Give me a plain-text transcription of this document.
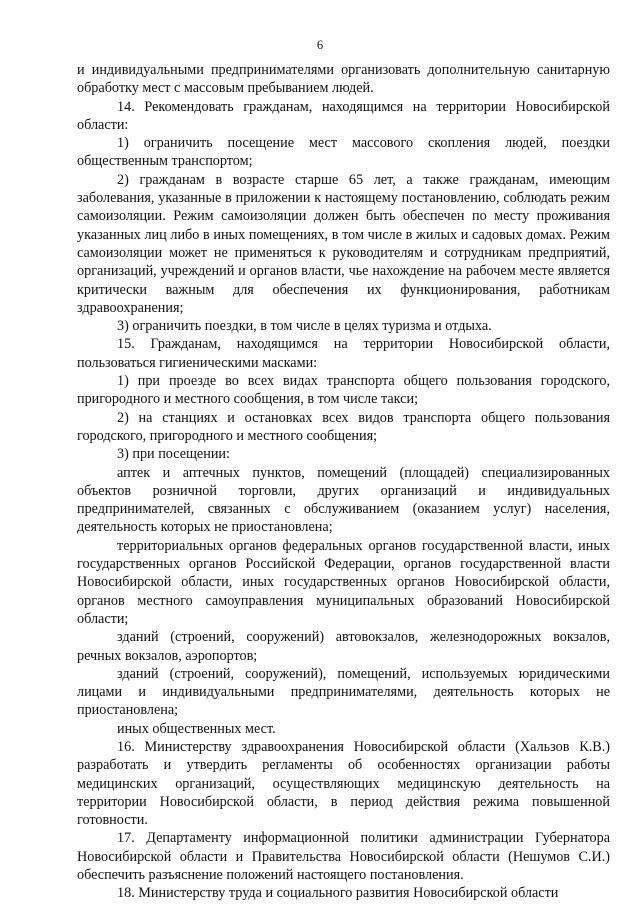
6

и индивидуальными предпринимателями организовать дополнительную санитарную обработку мест с массовым пребыванием людей.

14. Рекомендовать гражданам, находящимся на территории Новосибирской области:

1) ограничить посещение мест массового скопления людей, поездки общественным транспортом;

2) гражданам в возрасте старше 65 лет, а также гражданам, имеющим заболевания, указанные в приложении к настоящему постановлению, соблюдать режим самоизоляции. Режим самоизоляции должен быть обеспечен по месту проживания указанных лиц либо в иных помещениях, в том числе в жилых и садовых домах. Режим самоизоляции может не применяться к руководителям и сотрудникам предприятий, организаций, учреждений и органов власти, чье нахождение на рабочем месте является критически важным для обеспечения их функционирования, работникам здравоохранения;

3) ограничить поездки, в том числе в целях туризма и отдыха.

15. Гражданам, находящимся на территории Новосибирской области, пользоваться гигиеническими масками:

1) при проезде во всех видах транспорта общего пользования городского, пригородного и местного сообщения, в том числе такси;

2) на станциях и остановках всех видов транспорта общего пользования городского, пригородного и местного сообщения;

3) при посещении:

аптек и аптечных пунктов, помещений (площадей) специализированных объектов розничной торговли, других организаций и индивидуальных предпринимателей, связанных с обслуживанием (оказанием услуг) населения, деятельность которых не приостановлена;

территориальных органов федеральных органов государственной власти, иных государственных органов Российской Федерации, органов государственной власти Новосибирской области, иных государственных органов Новосибирской области, органов местного самоуправления муниципальных образований Новосибирской области;

зданий (строений, сооружений) автовокзалов, железнодорожных вокзалов, речных вокзалов, аэропортов;

зданий (строений, сооружений), помещений, используемых юридическими лицами и индивидуальными предпринимателями, деятельность которых не приостановлена;

иных общественных мест.

16. Министерству здравоохранения Новосибирской области (Хальзов К.В.) разработать и утвердить регламенты об особенностях организации работы медицинских организаций, осуществляющих медицинскую деятельность на территории Новосибирской области, в период действия режима повышенной готовности.

17. Департаменту информационной политики администрации Губернатора Новосибирской области и Правительства Новосибирской области (Нешумов С.И.) обеспечить разъяснение положений настоящего постановления.

18. Министерству труда и социального развития Новосибирской области
